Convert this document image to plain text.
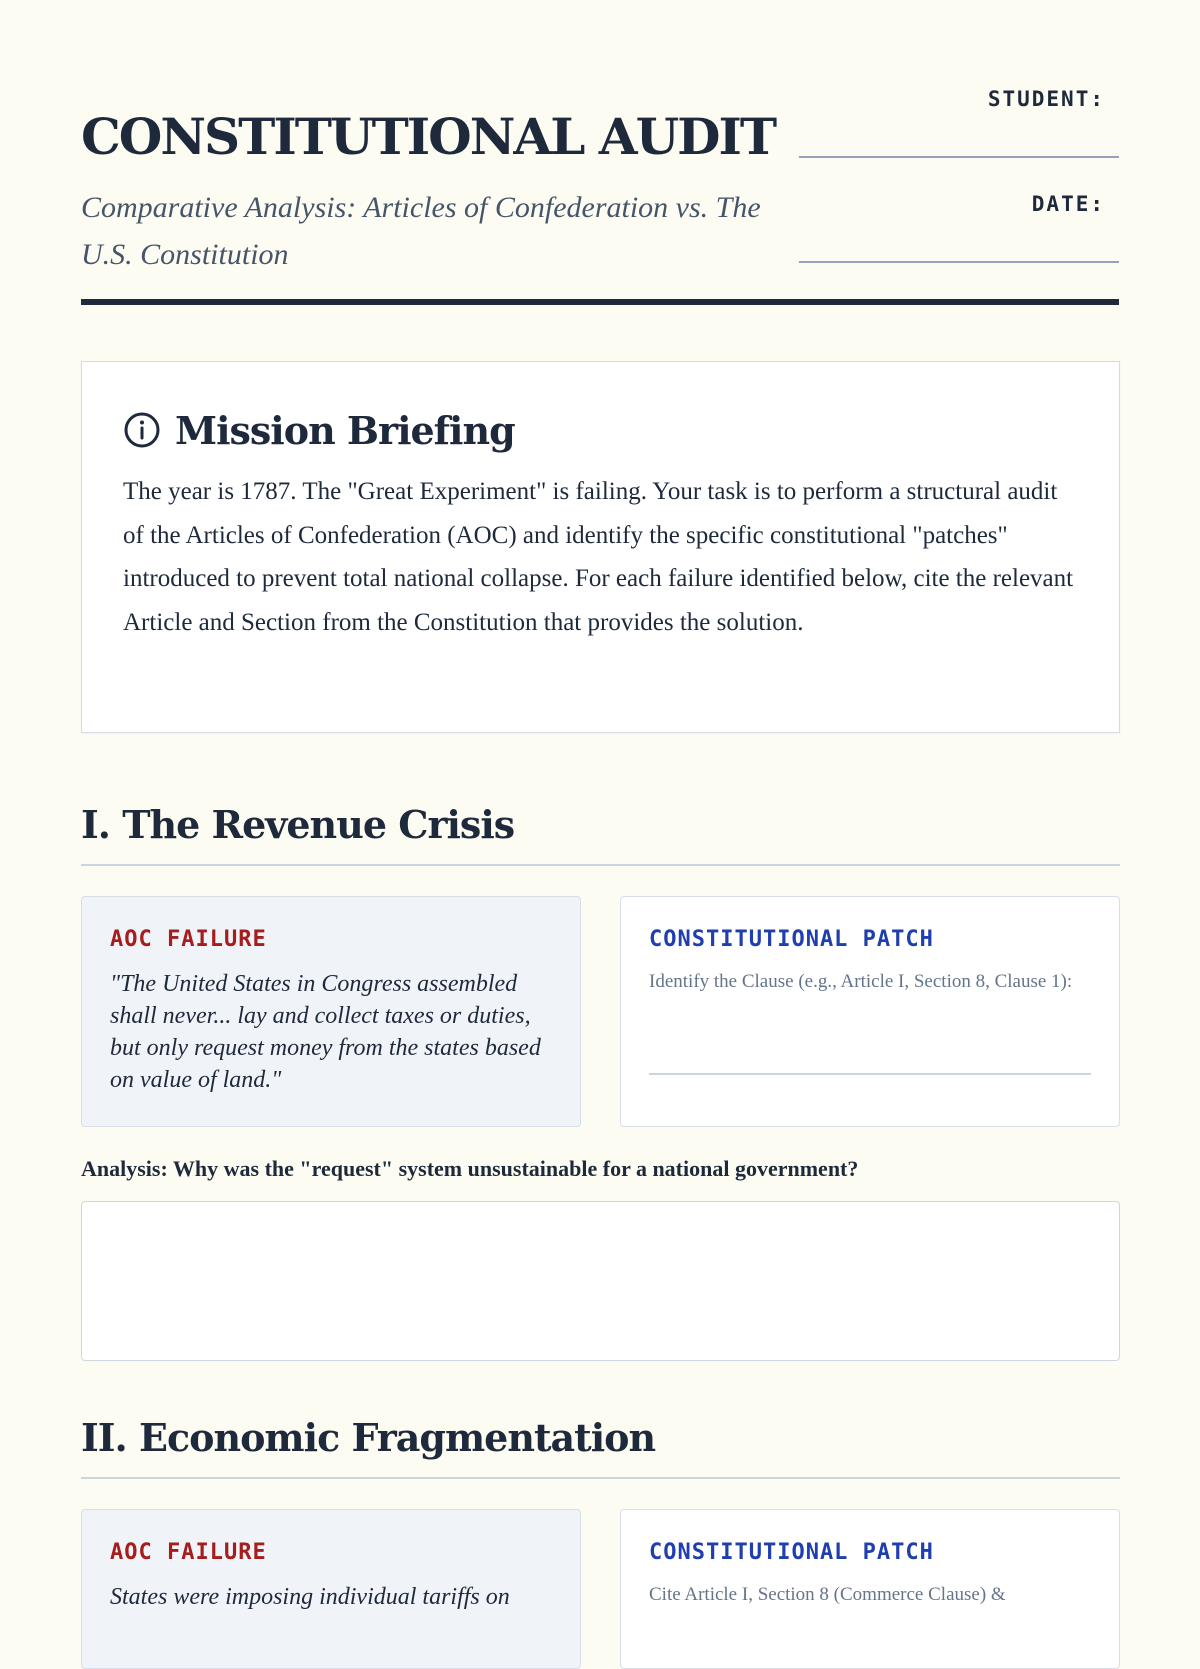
CONSTITUTIONAL AUDIT
Comparative Analysis: Articles of Confederation vs. The U.S. Constitution
STUDENT:
DATE:
Mission Briefing

The year is 1787. The "Great Experiment" is failing. Your task is to perform a structural audit of the Articles of Confederation (AOC) and identify the specific constitutional "patches" introduced to prevent total national collapse. For each failure identified below, cite the relevant Article and Section from the Constitution that provides the solution.

I. The Revenue Crisis
AOC FAILURE

"The United States in Congress assembled shall never... lay and collect taxes or duties, but only request money from the states based on value of land."

CONSTITUTIONAL PATCH

Identify the Clause (e.g., Article I, Section 8, Clause 1):

Analysis: Why was the "request" system unsustainable for a national government?
II. Economic Fragmentation
AOC FAILURE

States were imposing individual tariffs on

CONSTITUTIONAL PATCH

Cite Article I, Section 8 (Commerce Clause) &
